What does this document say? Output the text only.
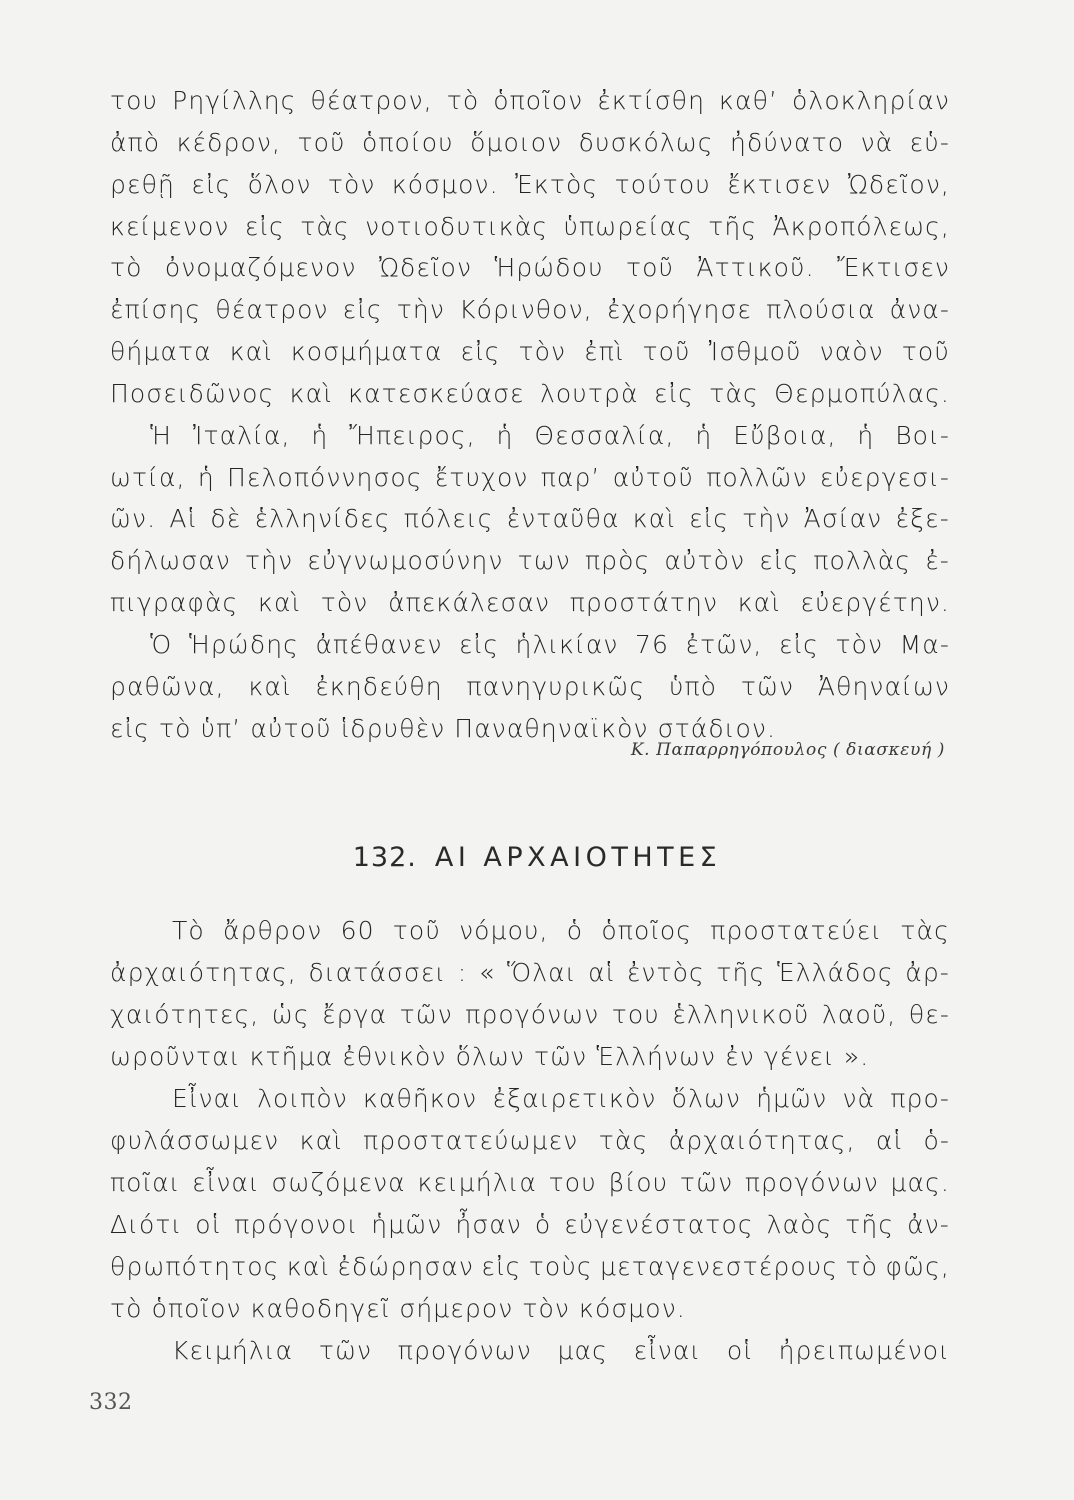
του Ρηγίλλης θέατρον, τὸ ὁποῖον ἐκτίσθη καθ’ ὁλοκληρίαν
ἀπὸ κέδρον, τοῦ ὁποίου ὅμοιον δυσκόλως ἠδύνατο νὰ εὑ-
ρεθῇ εἰς ὅλον τὸν κόσμον. Ἐκτὸς τούτου ἔκτισεν Ὠδεῖον,
κείμενον εἰς τὰς νοτιοδυτικὰς ὑπωρείας τῆς Ἀκροπόλεως,
τὸ ὀνομαζόμενον Ὠδεῖον Ἡρώδου τοῦ Ἀττικοῦ. Ἔκτισεν
ἐπίσης θέατρον εἰς τὴν Κόρινθον, ἐχορήγησε πλούσια ἀνα-
θήματα καὶ κοσμήματα εἰς τὸν ἐπὶ τοῦ Ἰσθμοῦ ναὸν τοῦ
Ποσειδῶνος καὶ κατεσκεύασε λουτρὰ εἰς τὰς Θερμοπύλας.
Ἡ Ἰταλία, ἡ Ἤπειρος, ἡ Θεσσαλία, ἡ Εὔβοια, ἡ Βοι-
ωτία, ἡ Πελοπόννησος ἔτυχον παρ’ αὐτοῦ πολλῶν εὐεργεσι-
ῶν. Αἱ δὲ ἑλληνίδες πόλεις ἐνταῦθα καὶ εἰς τὴν Ἀσίαν ἐξε-
δήλωσαν τὴν εὐγνωμοσύνην των πρὸς αὐτὸν εἰς πολλὰς ἐ-
πιγραφὰς καὶ τὸν ἀπεκάλεσαν προστάτην καὶ εὐεργέτην.
Ὁ Ἡρώδης ἀπέθανεν εἰς ἡλικίαν 76 ἐτῶν, εἰς τὸν Μα-
ραθῶνα, καὶ ἐκηδεύθη πανηγυρικῶς ὑπὸ τῶν Ἀθηναίων
εἰς τὸ ὑπ’ αὐτοῦ ἱδρυθὲν Παναθηναϊκὸν στάδιον.
Κ. Παπαρρηγόπουλος ( διασκευή )
132. ΑΙ ΑΡΧΑΙΟΤΗΤΕΣ
Τὸ ἄρθρον 60 τοῦ νόμου, ὁ ὁποῖος προστατεύει τὰς
ἀρχαιότητας, διατάσσει : « Ὅλαι αἱ ἐντὸς τῆς Ἑλλάδος ἀρ-
χαιότητες, ὡς ἔργα τῶν προγόνων του ἑλληνικοῦ λαοῦ, θε-
ωροῦνται κτῆμα ἐθνικὸν ὅλων τῶν Ἑλλήνων ἐν γένει ».
Εἶναι λοιπὸν καθῆκον ἐξαιρετικὸν ὅλων ἡμῶν νὰ προ-
φυλάσσωμεν καὶ προστατεύωμεν τὰς ἀρχαιότητας, αἱ ὁ-
ποῖαι εἶναι σωζόμενα κειμήλια του βίου τῶν προγόνων μας.
Διότι οἱ πρόγονοι ἡμῶν ἦσαν ὁ εὐγενέστατος λαὸς τῆς ἀν-
θρωπότητος καὶ ἐδώρησαν εἰς τοὺς μεταγενεστέρους τὸ φῶς,
τὸ ὁποῖον καθοδηγεῖ σήμερον τὸν κόσμον.
Κειμήλια τῶν προγόνων μας εἶναι οἱ ἠρειπωμένοι
332
